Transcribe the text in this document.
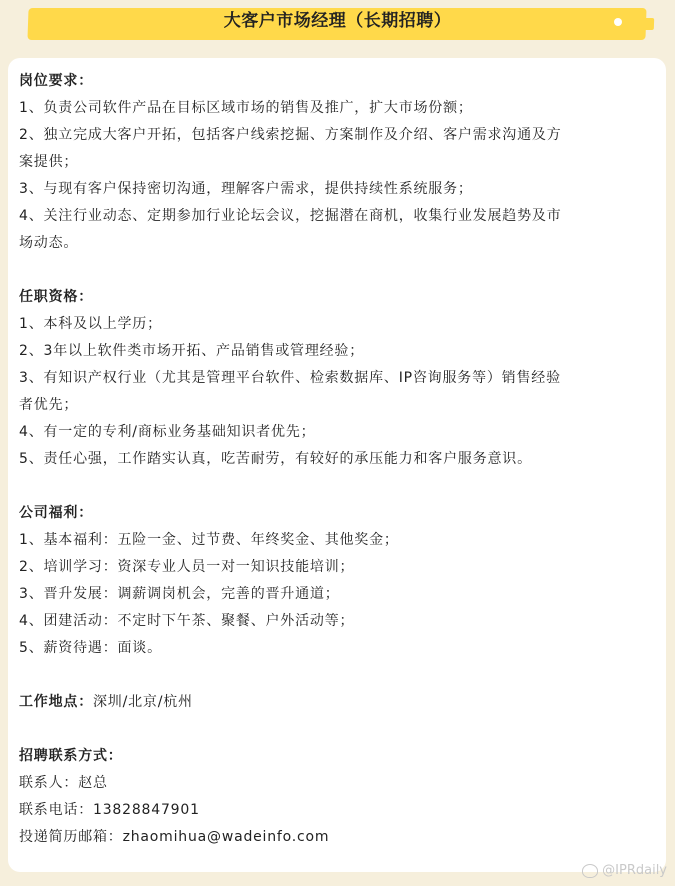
大客户市场经理（长期招聘）
岗位要求：
1、负责公司软件产品在目标区域市场的销售及推广，扩大市场份额；
2、独立完成大客户开拓，包括客户线索挖掘、方案制作及介绍、客户需求沟通及方
案提供；
3、与现有客户保持密切沟通，理解客户需求，提供持续性系统服务；
4、关注行业动态、定期参加行业论坛会议，挖掘潜在商机，收集行业发展趋势及市
场动态。
任职资格：
1、本科及以上学历；
2、3年以上软件类市场开拓、产品销售或管理经验；
3、有知识产权行业（尤其是管理平台软件、检索数据库、IP咨询服务等）销售经验
者优先；
4、有一定的专利/商标业务基础知识者优先；
5、责任心强，工作踏实认真，吃苦耐劳，有较好的承压能力和客户服务意识。
公司福利：
1、基本福利：五险一金、过节费、年终奖金、其他奖金；
2、培训学习：资深专业人员一对一知识技能培训；
3、晋升发展：调薪调岗机会，完善的晋升通道；
4、团建活动：不定时下午茶、聚餐、户外活动等；
5、薪资待遇：面谈。
工作地点：深圳/北京/杭州
招聘联系方式：
联系人：赵总
联系电话：13828847901
投递简历邮箱：zhaomihua@wadeinfo.com
@IPRdaily
